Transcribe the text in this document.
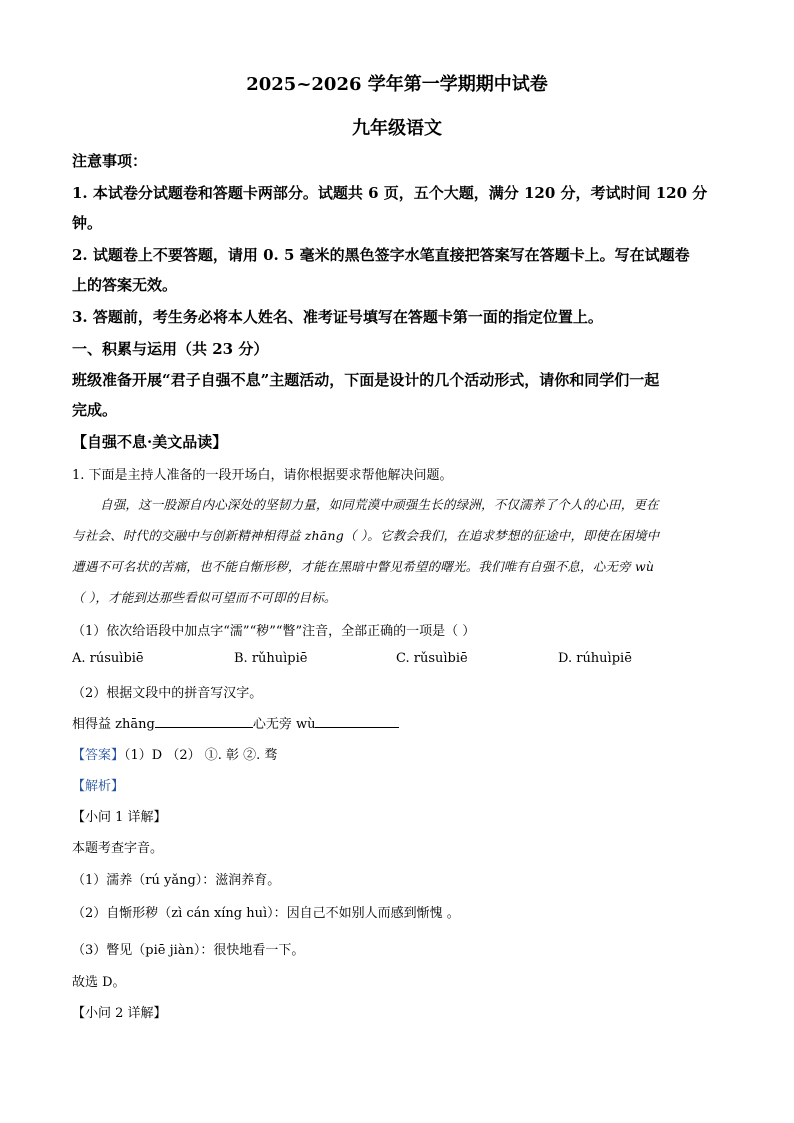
2025~2026 学年第一学期期中试卷
九年级语文
注意事项：
1. 本试卷分试题卷和答题卡两部分。试题共 6 页，五个大题，满分 120 分，考试时间 120 分
钟。
2. 试题卷上不要答题，请用 0. 5 毫米的黑色签字水笔直接把答案写在答题卡上。写在试题卷
上的答案无效。
3. 答题前，考生务必将本人姓名、准考证号填写在答题卡第一面的指定位置上。
一、积累与运用（共 23 分）
班级准备开展“君子自强不息”主题活动，下面是设计的几个活动形式，请你和同学们一起
完成。
【自强不息·美文品读】
1. 下面是主持人准备的一段开场白，请你根据要求帮他解决问题。
自强，这一股源自内心深处的坚韧力量，如同荒漠中顽强生长的绿洲，不仅濡养了个人的心田，更在
与社会、时代的交融中与创新精神相得益 zhāng（ ）。它教会我们，在追求梦想的征途中，即使在困境中
遭遇不可名状的苦痛，也不能自惭形秽，才能在黑暗中瞥见希望的曙光。我们唯有自强不息，心无旁 wù
（ ），才能到达那些看似可望而不可即的目标。
（1）依次给语段中加点字“濡”“秽”“瞥”注音，全部正确的一项是（ ）
A. rúsuìbiē	B. rǔhuìpiē	C. rǔsuìbiē	D. rúhuìpiē
（2）根据文段中的拼音写汉字。
相得益 zhāng	心无旁 wù
【答案】（1）D （2） ①. 彰 ②. 骛
【解析】
【小问 1 详解】
本题考查字音。
（1）濡养（rú yǎng）：滋润养育。
（2）自惭形秽（zì cán xíng huì）：因自己不如别人而感到惭愧 。
（3）瞥见（piē jiàn）：很快地看一下。
故选 D。
【小问 2 详解】
